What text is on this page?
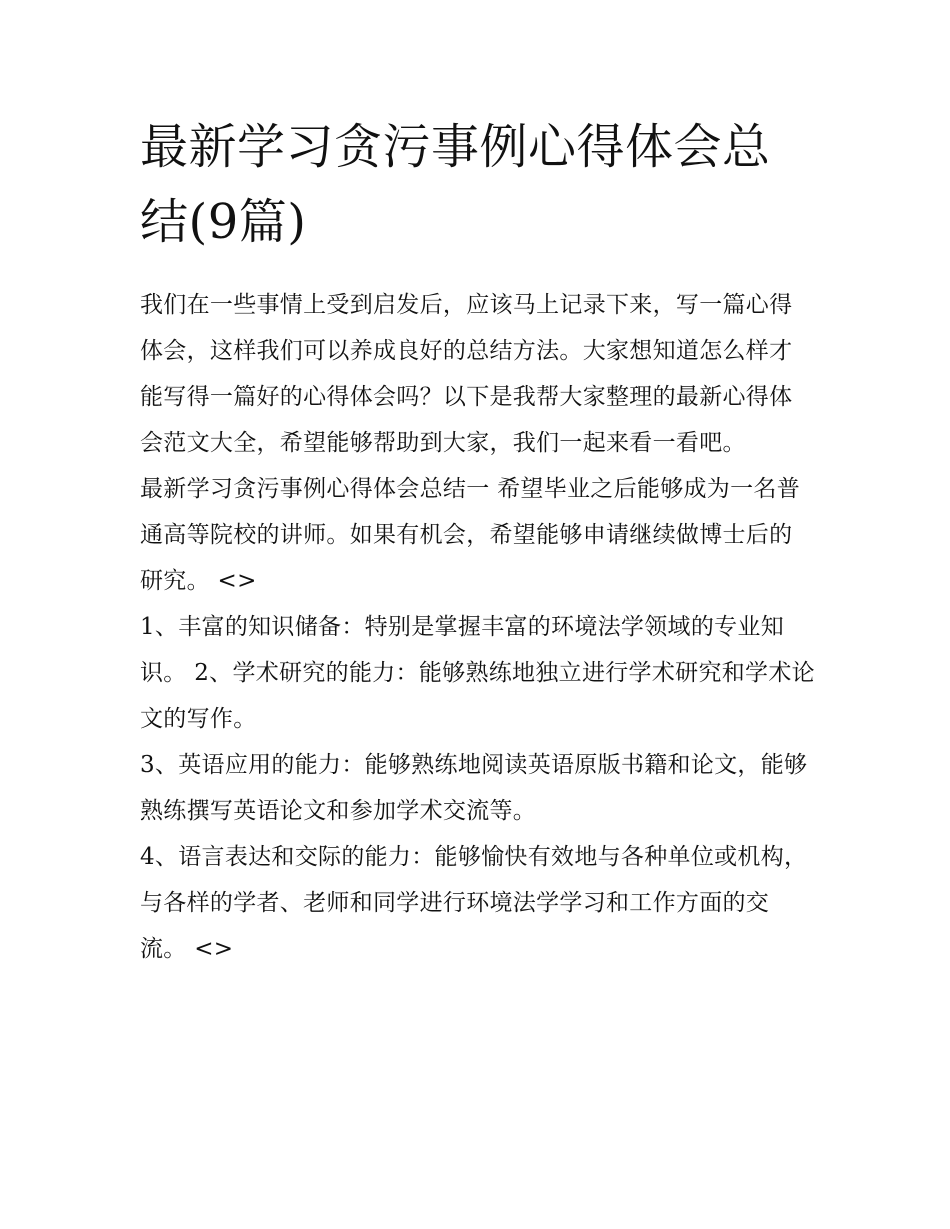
最新学习贪污事例心得体会总结(9篇)

我们在一些事情上受到启发后，应该马上记录下来，写一篇心得体会，这样我们可以养成良好的总结方法。大家想知道怎么样才能写得一篇好的心得体会吗？以下是我帮大家整理的最新心得体会范文大全，希望能够帮助到大家，我们一起来看一看吧。

最新学习贪污事例心得体会总结一 希望毕业之后能够成为一名普通高等院校的讲师。如果有机会，希望能够申请继续做博士后的研究。 <>

1、丰富的知识储备：特别是掌握丰富的环境法学领域的专业知识。 2、学术研究的能力：能够熟练地独立进行学术研究和学术论文的写作。

3、英语应用的能力：能够熟练地阅读英语原版书籍和论文，能够熟练撰写英语论文和参加学术交流等。

4、语言表达和交际的能力：能够愉快有效地与各种单位或机构，与各样的学者、老师和同学进行环境法学学习和工作方面的交流。 <>
